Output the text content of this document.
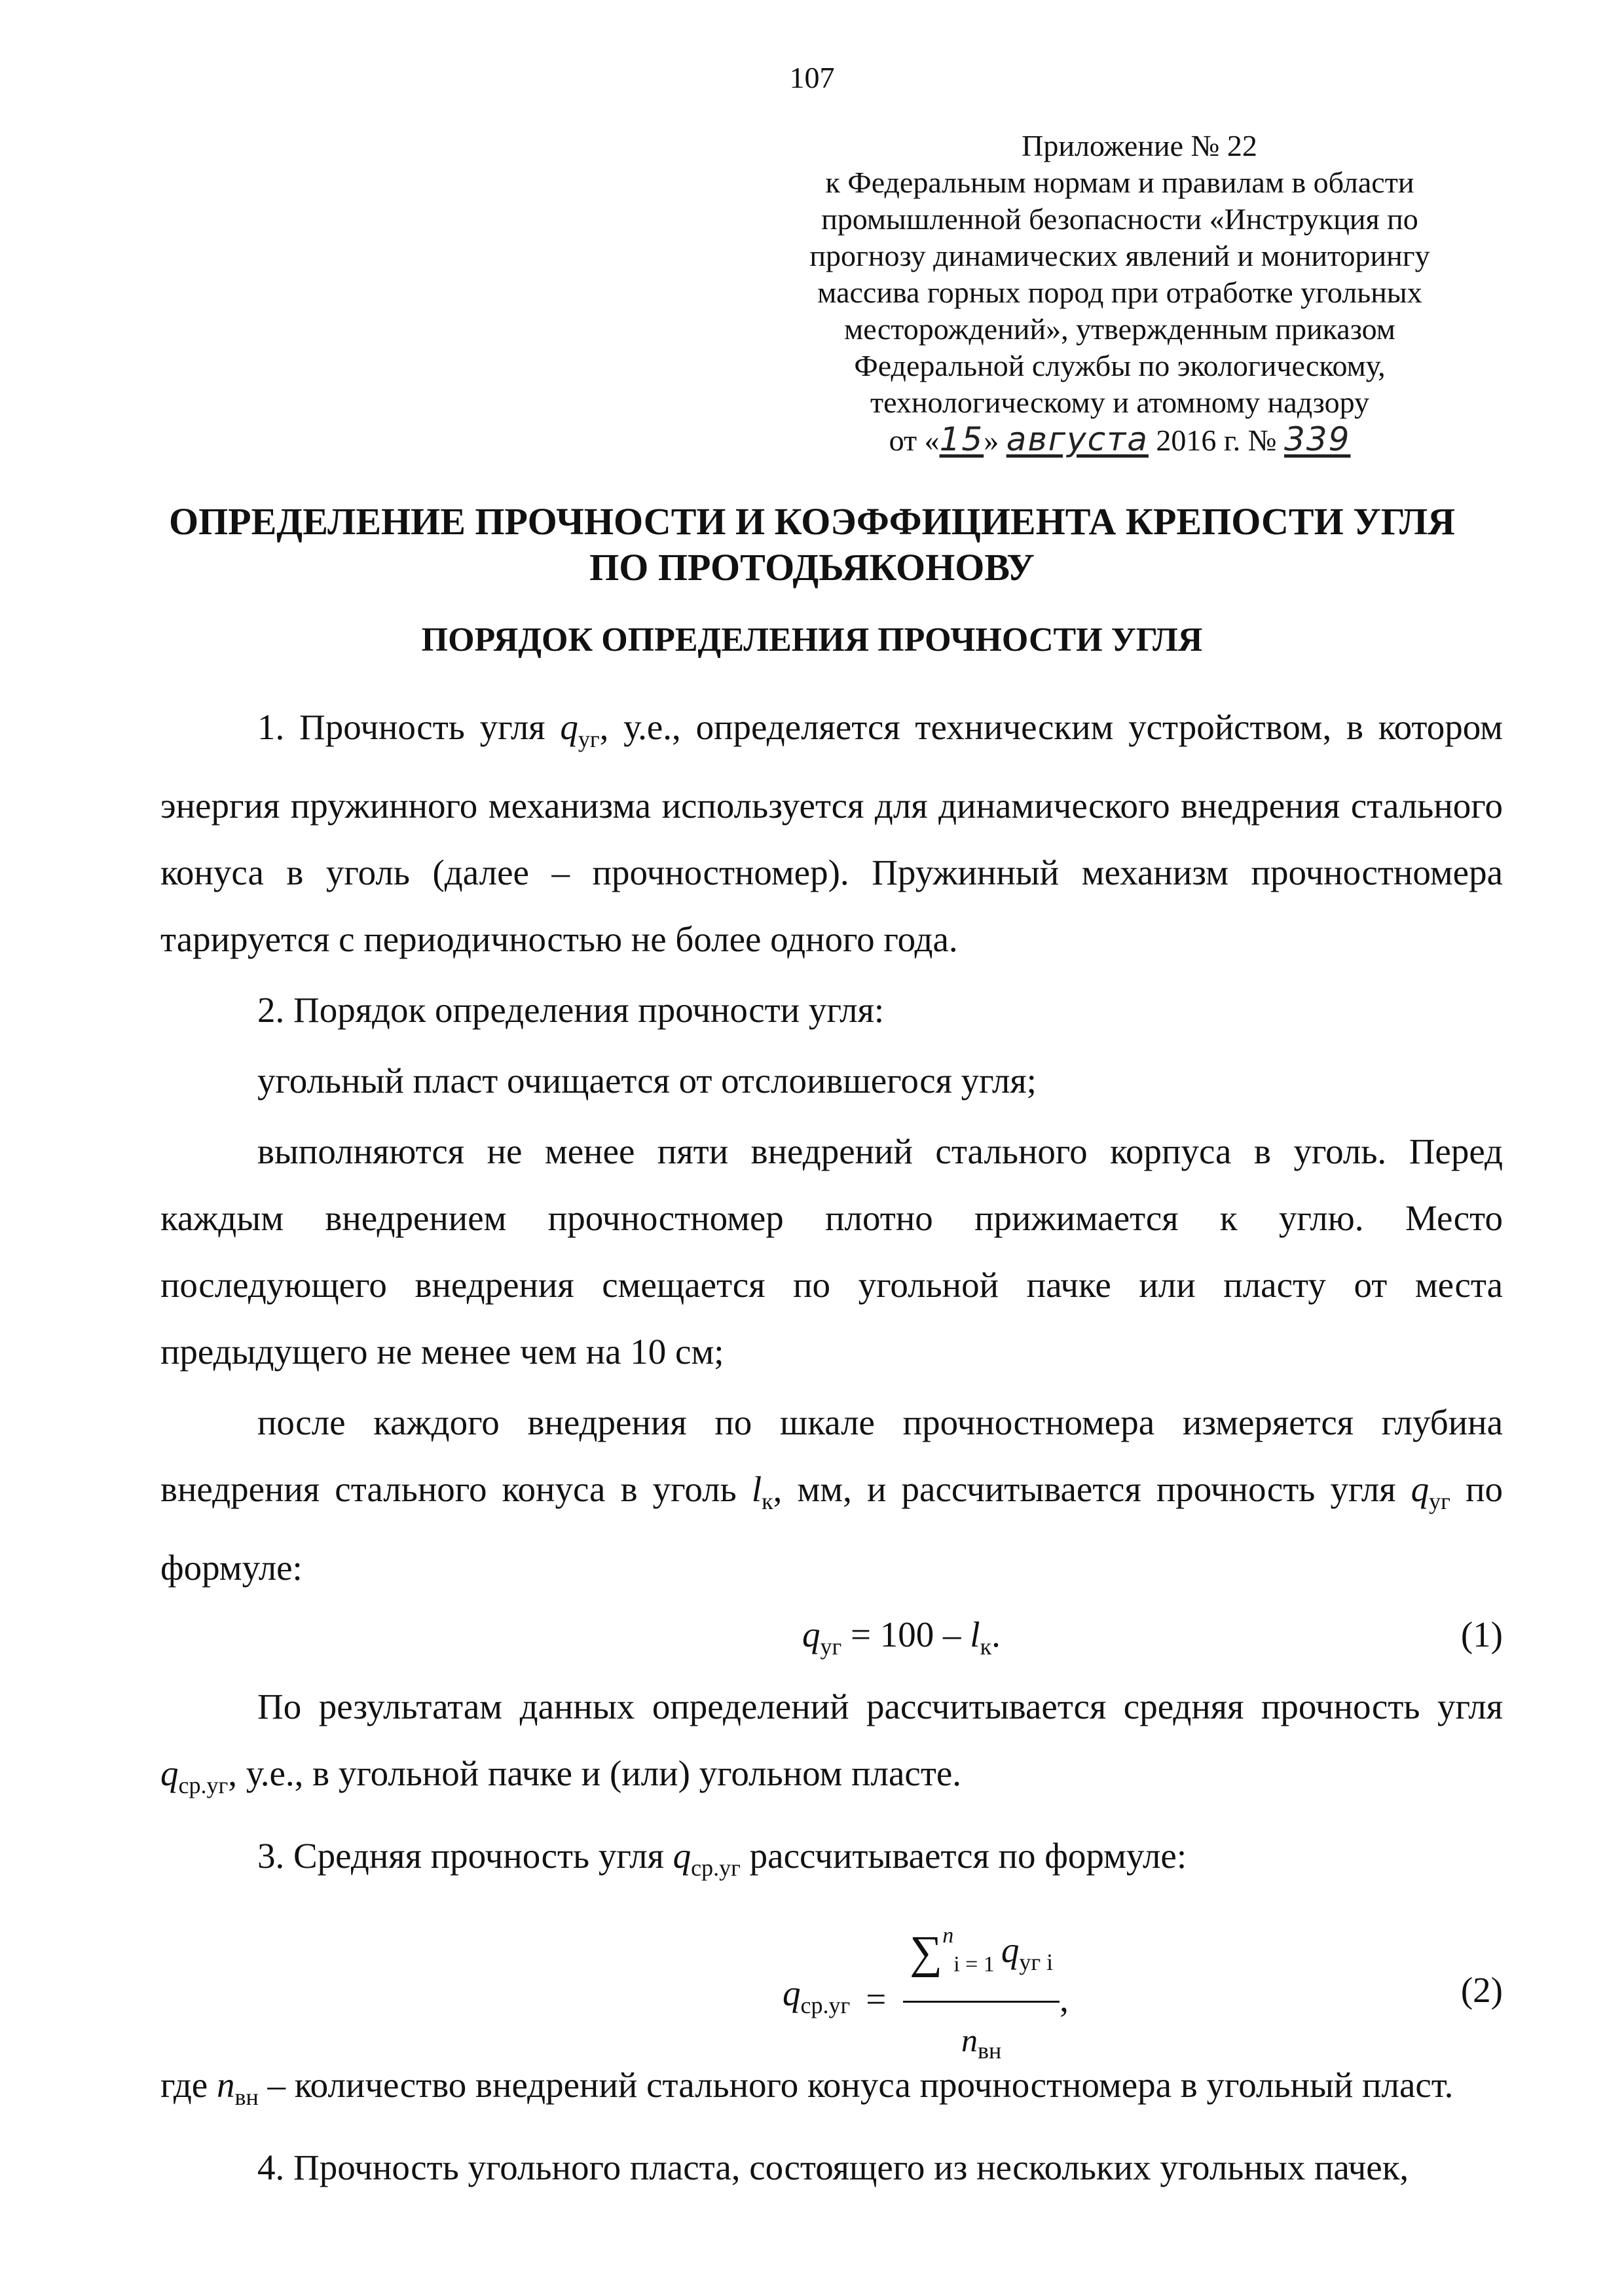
107
Приложение № 22
к Федеральным нормам и правилам в области
промышленной безопасности «Инструкция по
прогнозу динамических явлений и мониторингу
массива горных пород при отработке угольных
месторождений», утвержденным приказом
Федеральной службы по экологическому,
технологическому и атомному надзору
от «15» августа 2016 г. № 339
ОПРЕДЕЛЕНИЕ ПРОЧНОСТИ И КОЭФФИЦИЕНТА КРЕПОСТИ УГЛЯ
ПО ПРОТОДЬЯКОНОВУ
ПОРЯДОК ОПРЕДЕЛЕНИЯ ПРОЧНОСТИ УГЛЯ

1. Прочность угля $q_{уг}$, у.е., определяется техническим устройством, в котором энергия пружинного механизма используется для динамического внедрения стального конуса в уголь (далее – прочностномер). Пружинный механизм прочностномера тарируется с периодичностью не более одного года.

2. Порядок определения прочности угля:

угольный пласт очищается от отслоившегося угля;

выполняются не менее пяти внедрений стального корпуса в уголь. Перед каждым внедрением прочностномер плотно прижимается к углю. Место последующего внедрения смещается по угольной пачке или пласту от места предыдущего не менее чем на 10 см;

после каждого внедрения по шкале прочностномера измеряется глубина внедрения стального конуса в уголь $l_к$, мм, и рассчитывается прочность угля $q_{уг}$ по формуле:

$q_{уг} = 100 - l_к$.	(1)

По результатам данных определений рассчитывается средняя прочность угля $q_{ср.уг}$, у.е., в угольной пачке и (или) угольном пласте.

3. Средняя прочность угля $q_{ср.уг}$ рассчитывается по формуле:

$q_{ср.уг} = \frac{\sum^n_{i = 1} q_{уг i}}{n_{вн}}$ ,	(2)

где $n_{вн}$ – количество внедрений стального конуса прочностномера в угольный пласт.

4. Прочность угольного пласта, состоящего из нескольких угольных пачек,
